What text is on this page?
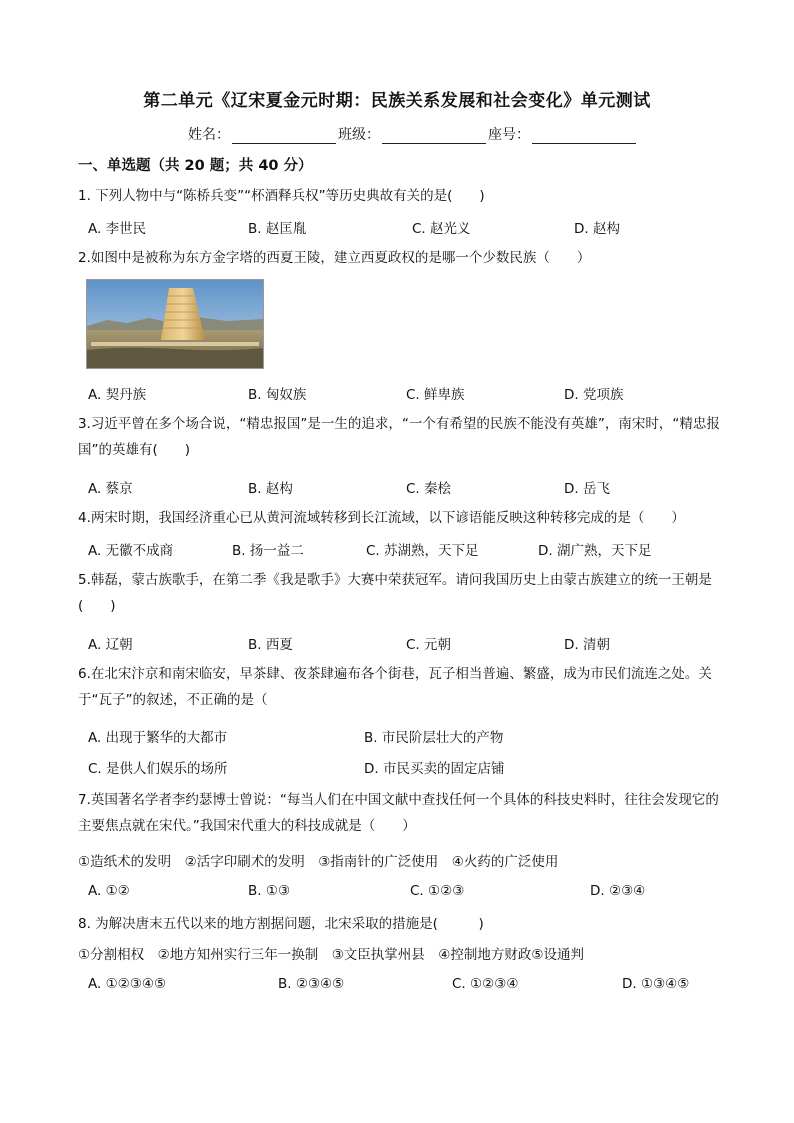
第二单元《辽宋夏金元时期：民族关系发展和社会变化》单元测试
姓名：	班级：	座号：
一、单选题（共 20 题；共 40 分）
1. 下列人物中与“陈桥兵变”“杯酒释兵权”等历史典故有关的是(　　)
A. 李世民	B. 赵匡胤	C. 赵光义	D. 赵构
2.如图中是被称为东方金字塔的西夏王陵，建立西夏政权的是哪一个少数民族（　　）
A. 契丹族	B. 匈奴族	C. 鲜卑族	D. 党项族
3.习近平曾在多个场合说，“精忠报国”是一生的追求，“一个有希望的民族不能没有英雄”，南宋时，“精忠报国”的英雄有(　　)
A. 蔡京	B. 赵构	C. 秦桧	D. 岳飞
4.两宋时期，我国经济重心已从黄河流域转移到长江流域，以下谚语能反映这种转移完成的是（　　）
A. 无徽不成商	B. 扬一益二	C. 苏湖熟，天下足	D. 湖广熟，天下足
5.韩磊，蒙古族歌手，在第二季《我是歌手》大赛中荣获冠军。请问我国历史上由蒙古族建立的统一王朝是(　　)
A. 辽朝	B. 西夏	C. 元朝	D. 清朝
6.在北宋汴京和南宋临安，早茶肆、夜茶肆遍布各个街巷，瓦子相当普遍、繁盛，成为市民们流连之处。关于“瓦子”的叙述，不正确的是（
A. 出现于繁华的大都市	B. 市民阶层壮大的产物
C. 是供人们娱乐的场所	D. 市民买卖的固定店铺
7.英国著名学者李约瑟博士曾说：“每当人们在中国文献中查找任何一个具体的科技史料时，往往会发现它的主要焦点就在宋代。”我国宋代重大的科技成就是（　　）
①造纸术的发明　②活字印刷术的发明　③指南针的广泛使用　④火药的广泛使用
A. ①②	B. ①③	C. ①②③	D. ②③④
8. 为解决唐末五代以来的地方割据问题，北宋采取的措施是(　　　)
①分割相权　②地方知州实行三年一换制　③文臣执掌州县　④控制地方财政⑤设通判
A. ①②③④⑤	B. ②③④⑤	C. ①②③④	D. ①③④⑤
